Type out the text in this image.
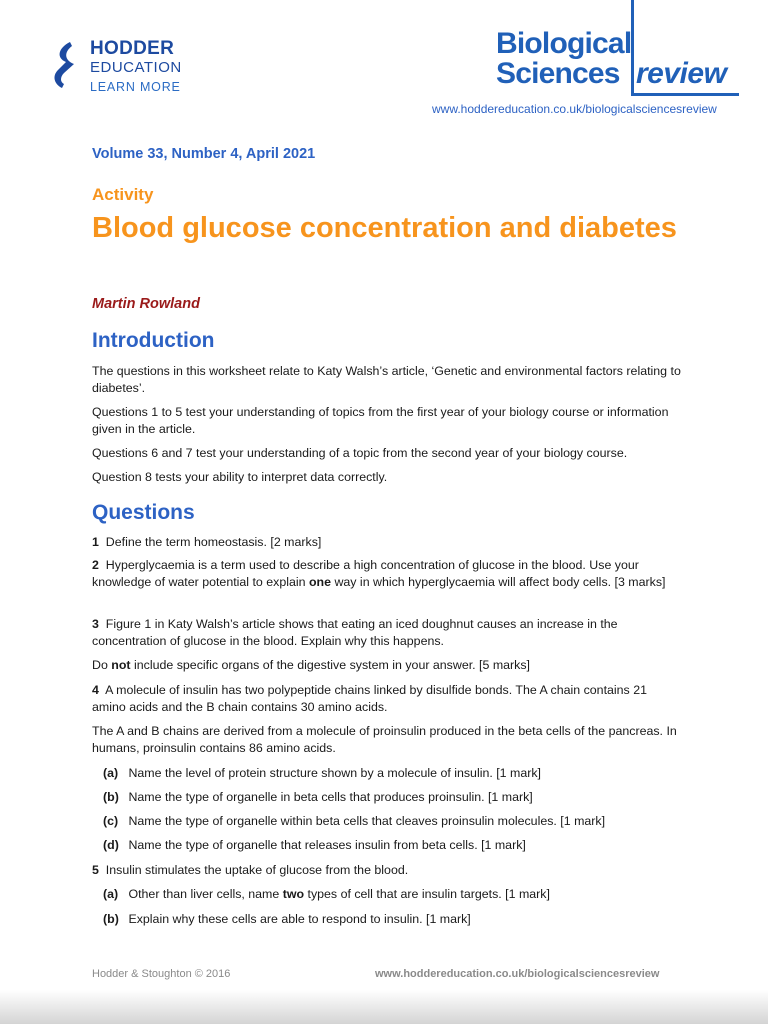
HODDER
EDUCATION
LEARN MORE
Biological
Sciences review
www.hoddereducation.co.uk/biologicalsciencesreview
Volume 33, Number 4, April 2021
Activity
Blood glucose concentration and diabetes
Martin Rowland
Introduction
The questions in this worksheet relate to Katy Walsh’s article, ‘Genetic and environmental factors relating to diabetes’.
Questions 1 to 5 test your understanding of topics from the first year of your biology course or information given in the article.
Questions 6 and 7 test your understanding of a topic from the second year of your biology course.
Question 8 tests your ability to interpret data correctly.
Questions
1 Define the term homeostasis. [2 marks]
2 Hyperglycaemia is a term used to describe a high concentration of glucose in the blood. Use your knowledge of water potential to explain one way in which hyperglycaemia will affect body cells. [3 marks]
3 Figure 1 in Katy Walsh’s article shows that eating an iced doughnut causes an increase in the concentration of glucose in the blood. Explain why this happens.
Do not include specific organs of the digestive system in your answer. [5 marks]
4 A molecule of insulin has two polypeptide chains linked by disulfide bonds. The A chain contains 21 amino acids and the B chain contains 30 amino acids.
The A and B chains are derived from a molecule of proinsulin produced in the beta cells of the pancreas. In humans, proinsulin contains 86 amino acids.
(a) Name the level of protein structure shown by a molecule of insulin. [1 mark]
(b) Name the type of organelle in beta cells that produces proinsulin. [1 mark]
(c) Name the type of organelle within beta cells that cleaves proinsulin molecules. [1 mark]
(d) Name the type of organelle that releases insulin from beta cells. [1 mark]
5 Insulin stimulates the uptake of glucose from the blood.
(a) Other than liver cells, name two types of cell that are insulin targets. [1 mark]
(b) Explain why these cells are able to respond to insulin. [1 mark]
Hodder & Stoughton © 2016	www.hoddereducation.co.uk/biologicalsciencesreview
